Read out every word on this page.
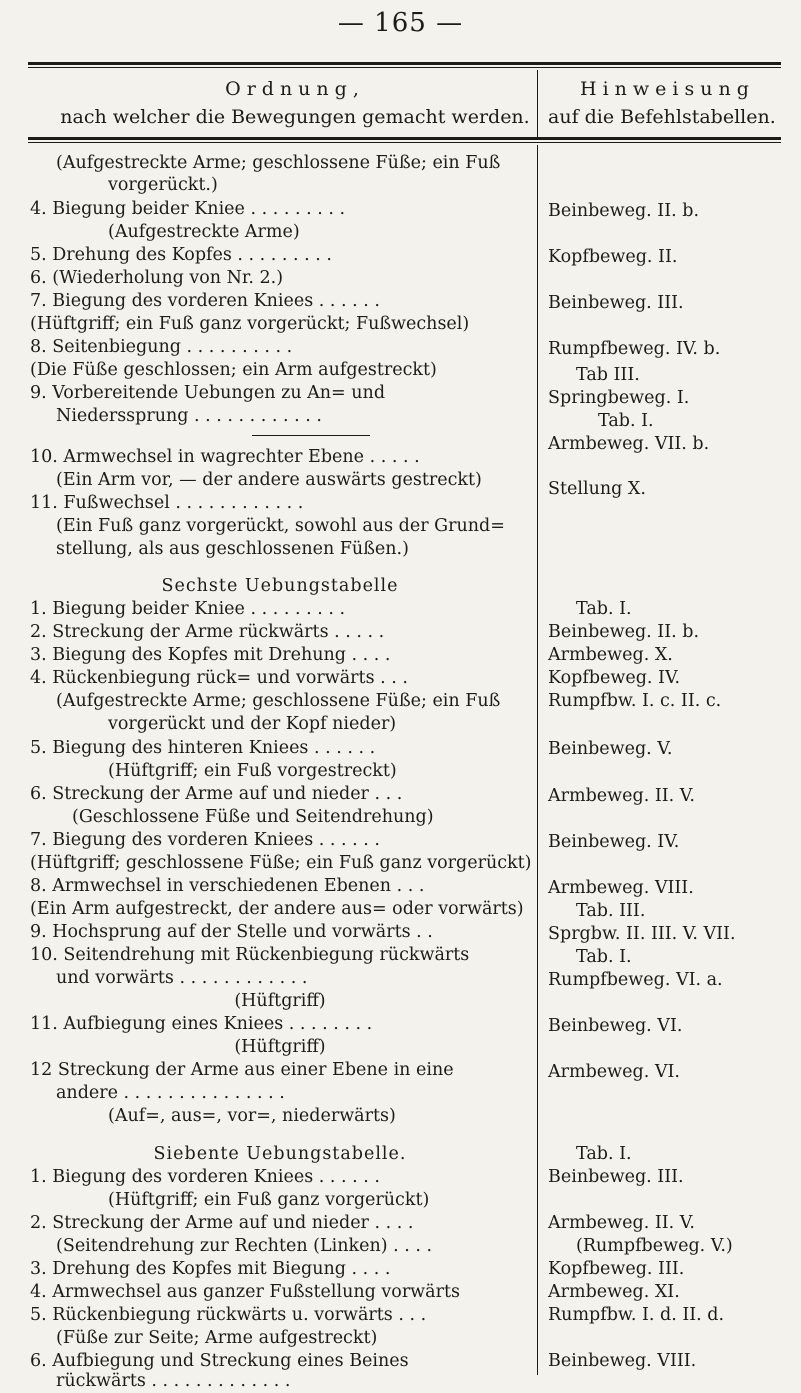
— 165 —
Ordnung,
nach welcher die Bewegungen gemacht werden.
Hinweisung
auf die Befehlstabellen.
(Aufgestreckte Arme; geschlossene Füße; ein Fuß
vorgerückt.)
4. Biegung beider Kniee . . . . . . . . .
(Aufgestreckte Arme)
5. Drehung des Kopfes . . . . . . . . .
6. (Wiederholung von Nr. 2.)
7. Biegung des vorderen Kniees . . . . . .
(Hüftgriff; ein Fuß ganz vorgerückt; Fußwechsel)
8. Seitenbiegung . . . . . . . . . .
(Die Füße geschlossen; ein Arm aufgestreckt)
9. Vorbereitende Uebungen zu An= und
Niederssprung . . . . . . . . . . . .
10. Armwechsel in wagrechter Ebene . . . . .
(Ein Arm vor, — der andere auswärts gestreckt)
11. Fußwechsel . . . . . . . . . . . .
(Ein Fuß ganz vorgerückt, sowohl aus der Grund=
stellung, als aus geschlossenen Füßen.)
Sechste Uebungstabelle
1. Biegung beider Kniee . . . . . . . . .
2. Streckung der Arme rückwärts . . . . .
3. Biegung des Kopfes mit Drehung . . . .
4. Rückenbiegung rück= und vorwärts . . .
(Aufgestreckte Arme; geschlossene Füße; ein Fuß
vorgerückt und der Kopf nieder)
5. Biegung des hinteren Kniees . . . . . .
(Hüftgriff; ein Fuß vorgestreckt)
6. Streckung der Arme auf und nieder . . .
(Geschlossene Füße und Seitendrehung)
7. Biegung des vorderen Kniees . . . . . .
(Hüftgriff; geschlossene Füße; ein Fuß ganz vorgerückt)
8. Armwechsel in verschiedenen Ebenen . . .
(Ein Arm aufgestreckt, der andere aus= oder vorwärts)
9. Hochsprung auf der Stelle und vorwärts . .
10. Seitendrehung mit Rückenbiegung rückwärts
und vorwärts . . . . . . . . . . . .
(Hüftgriff)
11. Aufbiegung eines Kniees . . . . . . . .
(Hüftgriff)
12 Streckung der Arme aus einer Ebene in eine
andere . . . . . . . . . . . . . . .
(Auf=, aus=, vor=, niederwärts)
Siebente Uebungstabelle.
1. Biegung des vorderen Kniees . . . . . .
(Hüftgriff; ein Fuß ganz vorgerückt)
2. Streckung der Arme auf und nieder . . . .
(Seitendrehung zur Rechten (Linken) . . . .
3. Drehung des Kopfes mit Biegung . . . .
4. Armwechsel aus ganzer Fußstellung vorwärts
5. Rückenbiegung rückwärts u. vorwärts . . .
(Füße zur Seite; Arme aufgestreckt)
6. Aufbiegung und Streckung eines Beines
rückwärts . . . . . . . . . . . . .
Beinbeweg. II. b.
Kopfbeweg. II.
Beinbeweg. III.
Rumpfbeweg. IV. b.
Tab III.
Springbeweg. I.
Tab. I.
Armbeweg. VII. b.
Stellung X.
Tab. I.
Beinbeweg. II. b.
Armbeweg. X.
Kopfbeweg. IV.
Rumpfbw. I. c. II. c.
Beinbeweg. V.
Armbeweg. II. V.
Beinbeweg. IV.
Armbeweg. VIII.
Tab. III.
Sprgbw. II. III. V. VII.
Tab. I.
Rumpfbeweg. VI. a.
Beinbeweg. VI.
Armbeweg. VI.
Tab. I.
Beinbeweg. III.
Armbeweg. II. V.
(Rumpfbeweg. V.)
Kopfbeweg. III.
Armbeweg. XI.
Rumpfbw. I. d. II. d.
Beinbeweg. VIII.
